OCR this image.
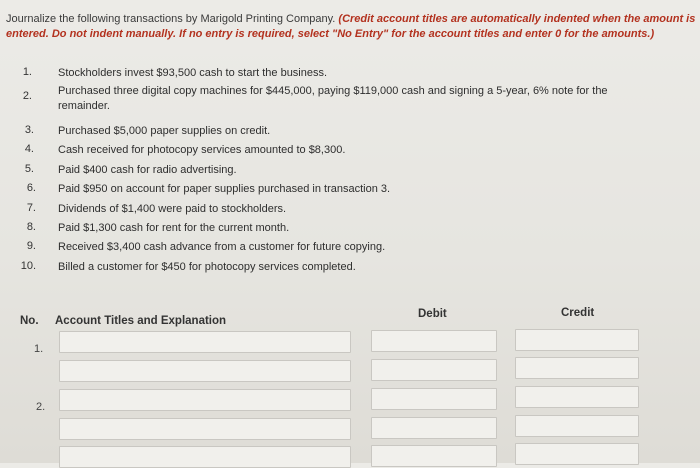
Journalize the following transactions by Marigold Printing Company. (Credit account titles are automatically indented when the amount is entered. Do not indent manually. If no entry is required, select "No Entry" for the account titles and enter 0 for the amounts.)
1. Stockholders invest $93,500 cash to start the business.
2. Purchased three digital copy machines for $445,000, paying $119,000 cash and signing a 5-year, 6% note for the remainder.
3. Purchased $5,000 paper supplies on credit.
4. Cash received for photocopy services amounted to $8,300.
5. Paid $400 cash for radio advertising.
6. Paid $950 on account for paper supplies purchased in transaction 3.
7. Dividends of $1,400 were paid to stockholders.
8. Paid $1,300 cash for rent for the current month.
9. Received $3,400 cash advance from a customer for future copying.
10. Billed a customer for $450 for photocopy services completed.
No. Account Titles and Explanation
Debit	Credit
1.
2.
